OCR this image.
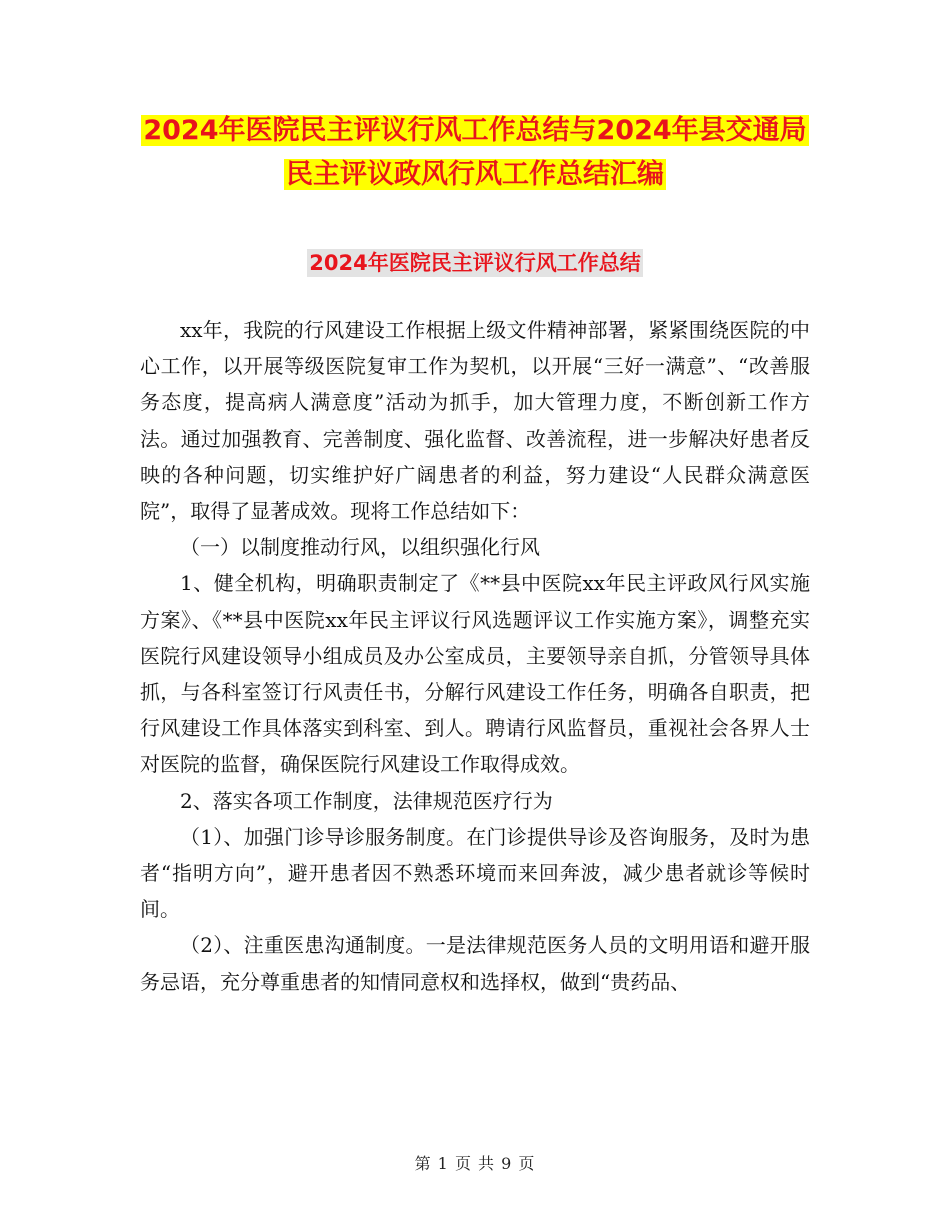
2024年医院民主评议行风工作总结与2024年县交通局
民主评议政风行风工作总结汇编
2024年医院民主评议行风工作总结

xx年，我院的行风建设工作根据上级文件精神部署，紧紧围绕医院的中心工作，以开展等级医院复审工作为契机，以开展“三好一满意”、“改善服务态度，提高病人满意度”活动为抓手，加大管理力度，不断创新工作方法。通过加强教育、完善制度、强化监督、改善流程，进一步解决好患者反映的各种问题，切实维护好广阔患者的利益，努力建设“人民群众满意医院”，取得了显著成效。现将工作总结如下：

（一）以制度推动行风，以组织强化行风

1、健全机构，明确职责制定了《**县中医院xx年民主评政风行风实施方案》、《**县中医院xx年民主评议行风选题评议工作实施方案》，调整充实医院行风建设领导小组成员及办公室成员，主要领导亲自抓，分管领导具体抓，与各科室签订行风责任书，分解行风建设工作任务，明确各自职责，把行风建设工作具体落实到科室、到人。聘请行风监督员，重视社会各界人士对医院的监督，确保医院行风建设工作取得成效。

2、落实各项工作制度，法律规范医疗行为

（1）、加强门诊导诊服务制度。在门诊提供导诊及咨询服务，及时为患者“指明方向”，避开患者因不熟悉环境而来回奔波，减少患者就诊等候时间。

（2）、注重医患沟通制度。一是法律规范医务人员的文明用语和避开服务忌语，充分尊重患者的知情同意权和选择权，做到“贵药品、

第 1 页 共 9 页
